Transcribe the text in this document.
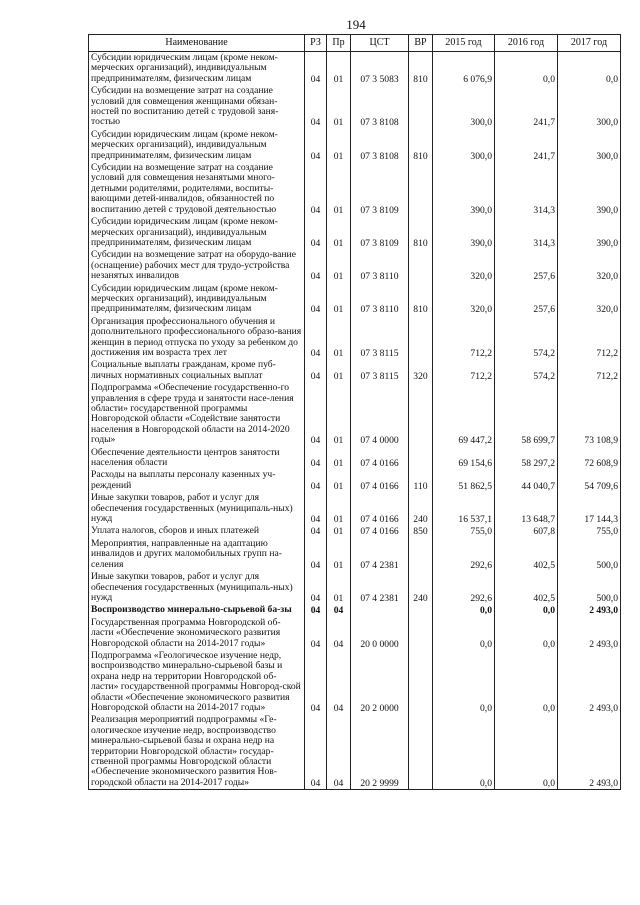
194
Наименование	РЗ	Пр	ЦСТ	ВР	2015 год	2016 год	2017 год
Субсидии юридическим лицам (кроме неком-мерческих организаций), индивидуальным предпринимателям, физическим лицам	04	01	07 3 5083	810	6 076,9	0,0	0,0
Субсидии на возмещение затрат на создание условий для совмещения женщинами обязан-ностей по воспитанию детей с трудовой заня-тостью	04	01	07 3 8108		300,0	241,7	300,0
Субсидии юридическим лицам (кроме неком-мерческих организаций), индивидуальным предпринимателям, физическим лицам	04	01	07 3 8108	810	300,0	241,7	300,0
Субсидии на возмещение затрат на создание условий для совмещения незанятыми много-детными родителями, родителями, воспиты-вающими детей-инвалидов, обязанностей по воспитанию детей с трудовой деятельностью	04	01	07 3 8109		390,0	314,3	390,0
Субсидии юридическим лицам (кроме неком-мерческих организаций), индивидуальным предпринимателям, физическим лицам	04	01	07 3 8109	810	390,0	314,3	390,0
Субсидии на возмещение затрат на оборудо-вание (оснащение) рабочих мест для трудо-устройства незанятых инвалидов	04	01	07 3 8110		320,0	257,6	320,0
Субсидии юридическим лицам (кроме неком-мерческих организаций), индивидуальным предпринимателям, физическим лицам	04	01	07 3 8110	810	320,0	257,6	320,0
Организация профессионального обучения и дополнительного профессионального образо-вания женщин в период отпуска по уходу за ребенком до достижения им возраста трех лет	04	01	07 3 8115		712,2	574,2	712,2
Социальные выплаты гражданам, кроме пуб-личных нормативных социальных выплат	04	01	07 3 8115	320	712,2	574,2	712,2
Подпрограмма «Обеспечение государственно-го управления в сфере труда и занятости насе-ления области» государственной программы Новгородской области «Содействие занятости населения в Новгородской области на 2014-2020 годы»	04	01	07 4 0000		69 447,2	58 699,7	73 108,9
Обеспечение деятельности центров занятости населения области	04	01	07 4 0166		69 154,6	58 297,2	72 608,9
Расходы на выплаты персоналу казенных уч-реждений	04	01	07 4 0166	110	51 862,5	44 040,7	54 709,6
Иные закупки товаров, работ и услуг для обеспечения государственных (муниципаль-ных) нужд	04	01	07 4 0166	240	16 537,1	13 648,7	17 144,3
Уплата налогов, сборов и иных платежей	04	01	07 4 0166	850	755,0	607,8	755,0
Мероприятия, направленные на адаптацию инвалидов и других маломобильных групп на-селения	04	01	07 4 2381		292,6	402,5	500,0
Иные закупки товаров, работ и услуг для обеспечения государственных (муниципаль-ных) нужд	04	01	07 4 2381	240	292,6	402,5	500,0
Воспроизводство минерально-сырьевой ба-зы	04	04			0,0	0,0	2 493,0
Государственная программа Новгородской об-ласти «Обеспечение экономического развития Новгородской области на 2014-2017 годы»	04	04	20 0 0000		0,0	0,0	2 493,0
Подпрограмма «Геологическое изучение недр, воспроизводство минерально-сырьевой базы и охрана недр на территории Новгородской об-ласти» государственной программы Новгород-ской области «Обеспечение экономического развития Новгородской области на 2014-2017 годы»	04	04	20 2 0000		0,0	0,0	2 493,0
Реализация мероприятий подпрограммы «Ге-ологическое изучение недр, воспроизводство минерально-сырьевой базы и охрана недр на территории Новгородской области» государ-ственной программы Новгородской области «Обеспечение экономического развития Нов-городской области на 2014-2017 годы»	04	04	20 2 9999		0,0	0,0	2 493,0
